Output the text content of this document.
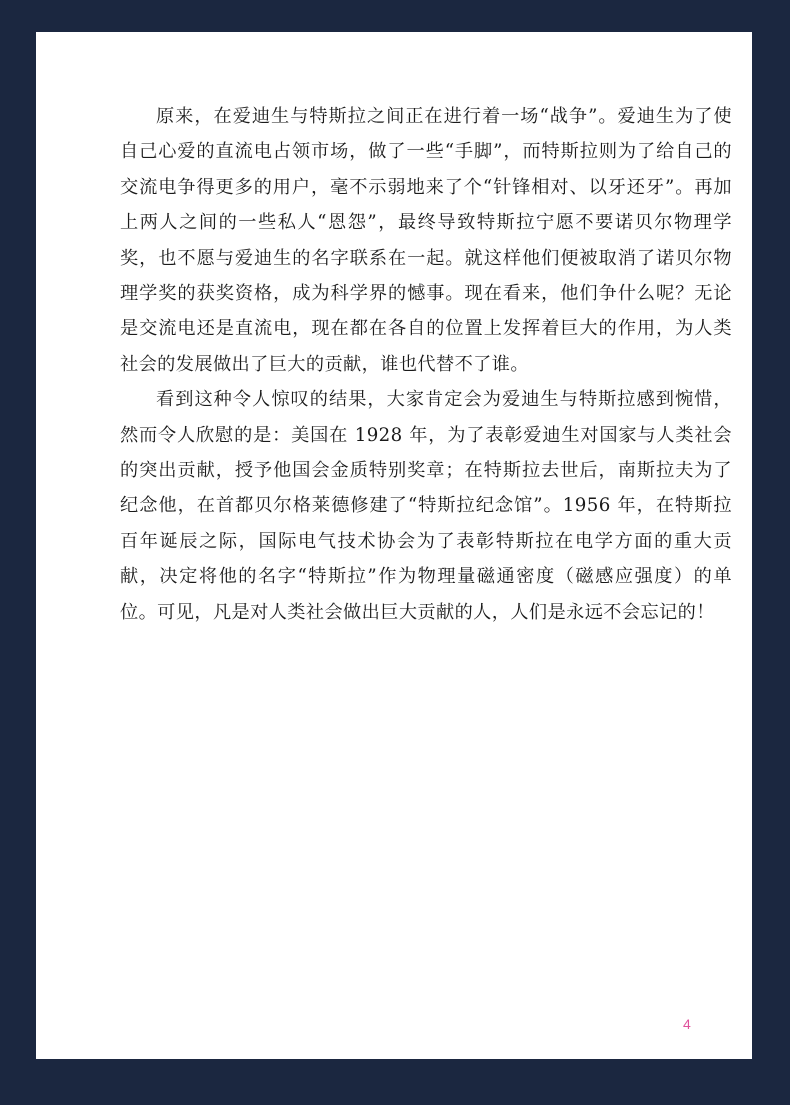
原来，在爱迪生与特斯拉之间正在进行着一场“战争”。爱迪生为了使自己心爱的直流电占领市场，做了一些“手脚”，而特斯拉则为了给自己的交流电争得更多的用户，毫不示弱地来了个“针锋相对、以牙还牙”。再加上两人之间的一些私人“恩怨”，最终导致特斯拉宁愿不要诺贝尔物理学奖，也不愿与爱迪生的名字联系在一起。就这样他们便被取消了诺贝尔物理学奖的获奖资格，成为科学界的憾事。现在看来，他们争什么呢？无论是交流电还是直流电，现在都在各自的位置上发挥着巨大的作用，为人类社会的发展做出了巨大的贡献，谁也代替不了谁。

看到这种令人惊叹的结果，大家肯定会为爱迪生与特斯拉感到惋惜，然而令人欣慰的是：美国在 1928 年，为了表彰爱迪生对国家与人类社会的突出贡献，授予他国会金质特别奖章；在特斯拉去世后，南斯拉夫为了纪念他，在首都贝尔格莱德修建了“特斯拉纪念馆”。1956 年，在特斯拉百年诞辰之际，国际电气技术协会为了表彰特斯拉在电学方面的重大贡献，决定将他的名字“特斯拉”作为物理量磁通密度（磁感应强度）的单位。可见，凡是对人类社会做出巨大贡献的人，人们是永远不会忘记的！

4
